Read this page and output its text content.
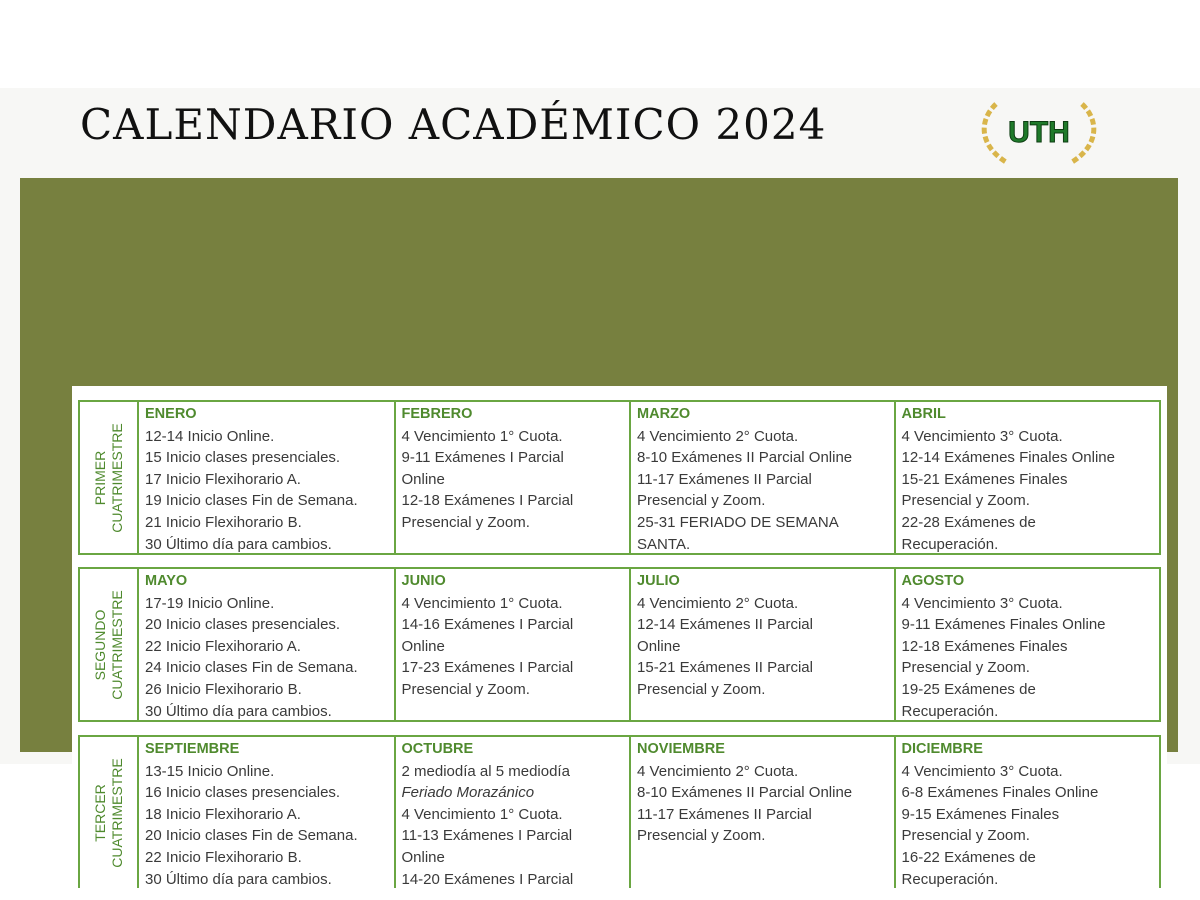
CALENDARIO ACADÉMICO 2024	UTH
PRIMER CUATRIMESTRE
ENERO
12-14 Inicio Online.
15 Inicio clases presenciales.
17 Inicio Flexihorario A.
19 Inicio clases Fin de Semana.
21 Inicio Flexihorario B.
30 Último día para cambios.
FEBRERO
4 Vencimiento 1° Cuota.
9-11 Exámenes I Parcial
Online
12-18 Exámenes I Parcial
Presencial y Zoom.
MARZO
4 Vencimiento 2° Cuota.
8-10 Exámenes II Parcial Online
11-17 Exámenes II Parcial
Presencial y Zoom.
25-31 FERIADO DE SEMANA
SANTA.
ABRIL
4 Vencimiento 3° Cuota.
12-14 Exámenes Finales Online
15-21 Exámenes Finales
Presencial y Zoom.
22-28 Exámenes de
Recuperación.
SEGUNDO CUATRIMESTRE
MAYO
17-19 Inicio Online.
20 Inicio clases presenciales.
22 Inicio Flexihorario A.
24 Inicio clases Fin de Semana.
26 Inicio Flexihorario B.
30 Último día para cambios.
JUNIO
4 Vencimiento 1° Cuota.
14-16 Exámenes I Parcial
Online
17-23 Exámenes I Parcial
Presencial y Zoom.
JULIO
4 Vencimiento 2° Cuota.
12-14 Exámenes II Parcial
Online
15-21 Exámenes II Parcial
Presencial y Zoom.
AGOSTO
4 Vencimiento 3° Cuota.
9-11 Exámenes Finales Online
12-18 Exámenes Finales
Presencial y Zoom.
19-25 Exámenes de
Recuperación.
TERCER CUATRIMESTRE
SEPTIEMBRE
13-15 Inicio Online.
16 Inicio clases presenciales.
18 Inicio Flexihorario A.
20 Inicio clases Fin de Semana.
22 Inicio Flexihorario B.
30 Último día para cambios.
OCTUBRE
2 mediodía al 5 mediodía
Feriado Morazánico
4 Vencimiento 1° Cuota.
11-13 Exámenes I Parcial
Online
14-20 Exámenes I Parcial
NOVIEMBRE
4 Vencimiento 2° Cuota.
8-10 Exámenes II Parcial Online
11-17 Exámenes II Parcial
Presencial y Zoom.
DICIEMBRE
4 Vencimiento 3° Cuota.
6-8 Exámenes Finales Online
9-15 Exámenes Finales
Presencial y Zoom.
16-22 Exámenes de
Recuperación.
